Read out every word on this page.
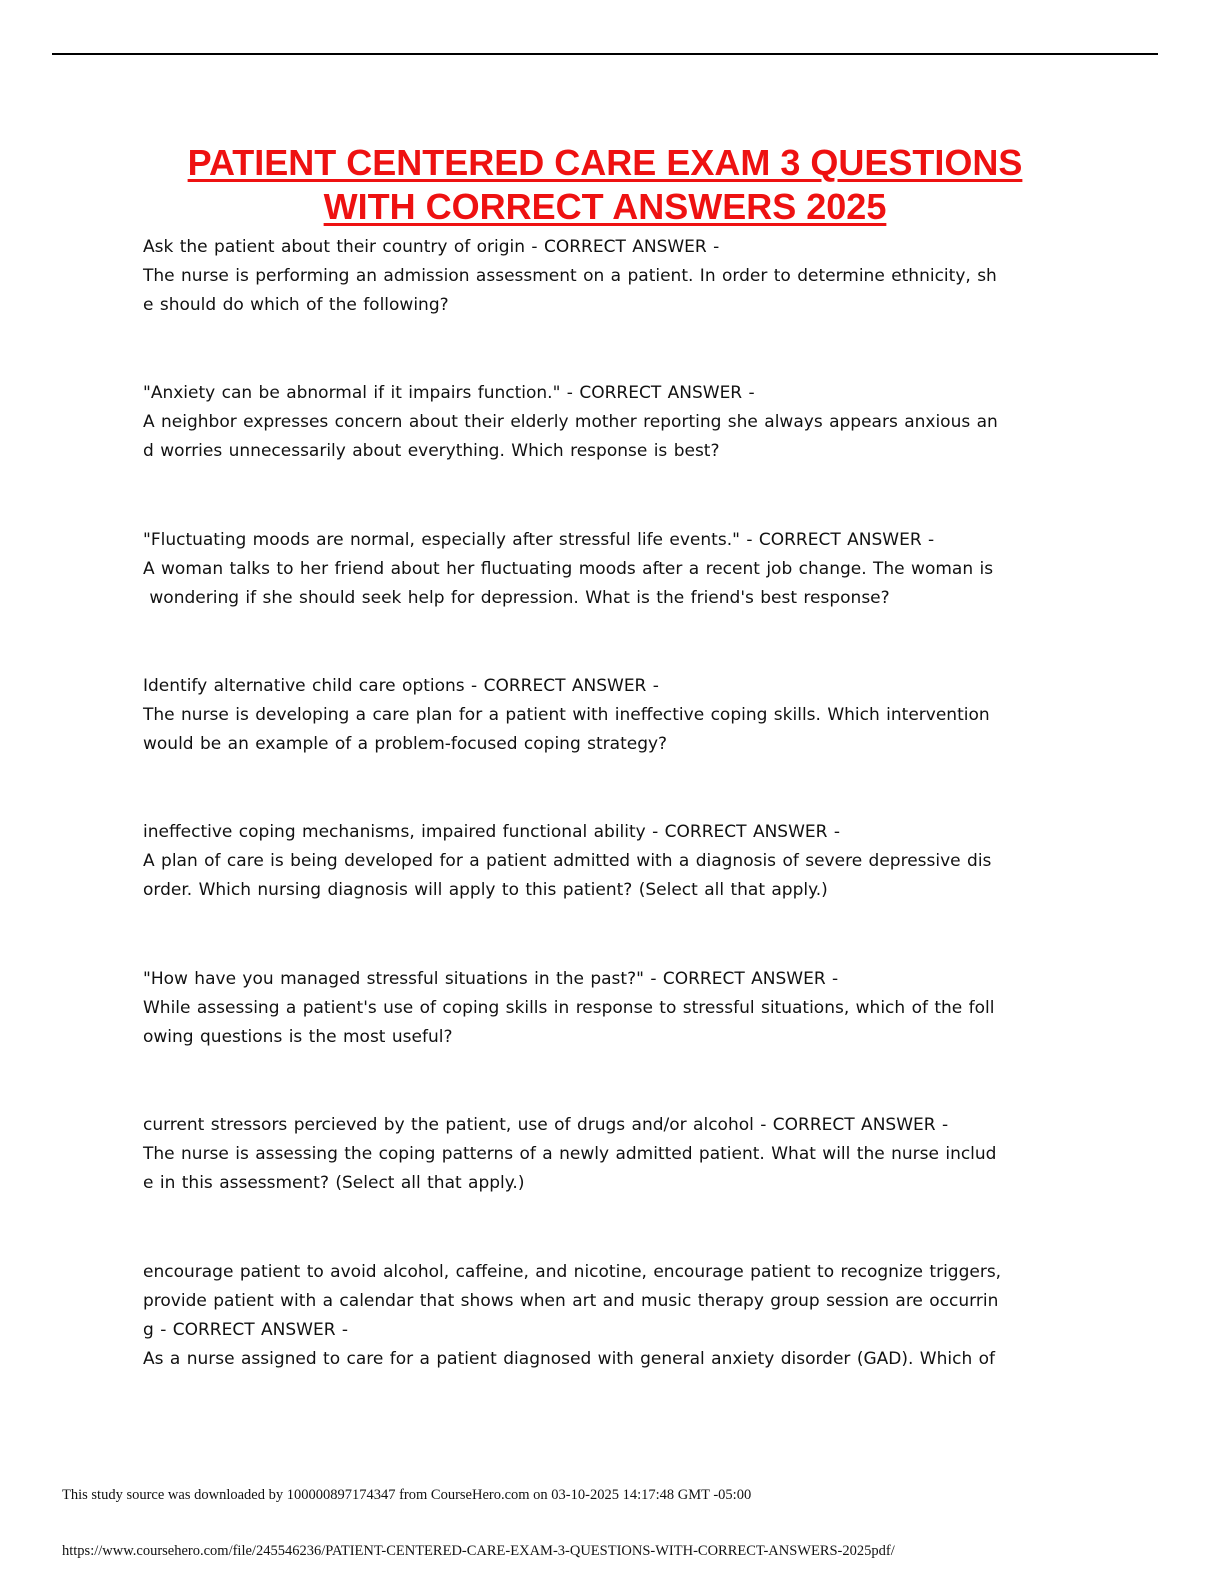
PATIENT CENTERED CARE EXAM 3 QUESTIONS
WITH CORRECT ANSWERS 2025

Ask the patient about their country of origin - CORRECT ANSWER -

The nurse is performing an admission assessment on a patient. In order to determine ethnicity, sh

e should do which of the following?

"Anxiety can be abnormal if it impairs function." - CORRECT ANSWER -

A neighbor expresses concern about their elderly mother reporting she always appears anxious an

d worries unnecessarily about everything. Which response is best?

"Fluctuating moods are normal, especially after stressful life events." - CORRECT ANSWER -

A woman talks to her friend about her fluctuating moods after a recent job change. The woman is

wondering if she should seek help for depression. What is the friend's best response?

Identify alternative child care options - CORRECT ANSWER -

The nurse is developing a care plan for a patient with ineffective coping skills. Which intervention

would be an example of a problem-focused coping strategy?

ineffective coping mechanisms, impaired functional ability - CORRECT ANSWER -

A plan of care is being developed for a patient admitted with a diagnosis of severe depressive dis

order. Which nursing diagnosis will apply to this patient? (Select all that apply.)

"How have you managed stressful situations in the past?" - CORRECT ANSWER -

While assessing a patient's use of coping skills in response to stressful situations, which of the foll

owing questions is the most useful?

current stressors percieved by the patient, use of drugs and/or alcohol - CORRECT ANSWER -

The nurse is assessing the coping patterns of a newly admitted patient. What will the nurse includ

e in this assessment? (Select all that apply.)

encourage patient to avoid alcohol, caffeine, and nicotine, encourage patient to recognize triggers,

provide patient with a calendar that shows when art and music therapy group session are occurrin

g - CORRECT ANSWER -

As a nurse assigned to care for a patient diagnosed with general anxiety disorder (GAD). Which of

This study source was downloaded by 100000897174347 from CourseHero.com on 03-10-2025 14:17:48 GMT -05:00
https://www.coursehero.com/file/245546236/PATIENT-CENTERED-CARE-EXAM-3-QUESTIONS-WITH-CORRECT-ANSWERS-2025pdf/
